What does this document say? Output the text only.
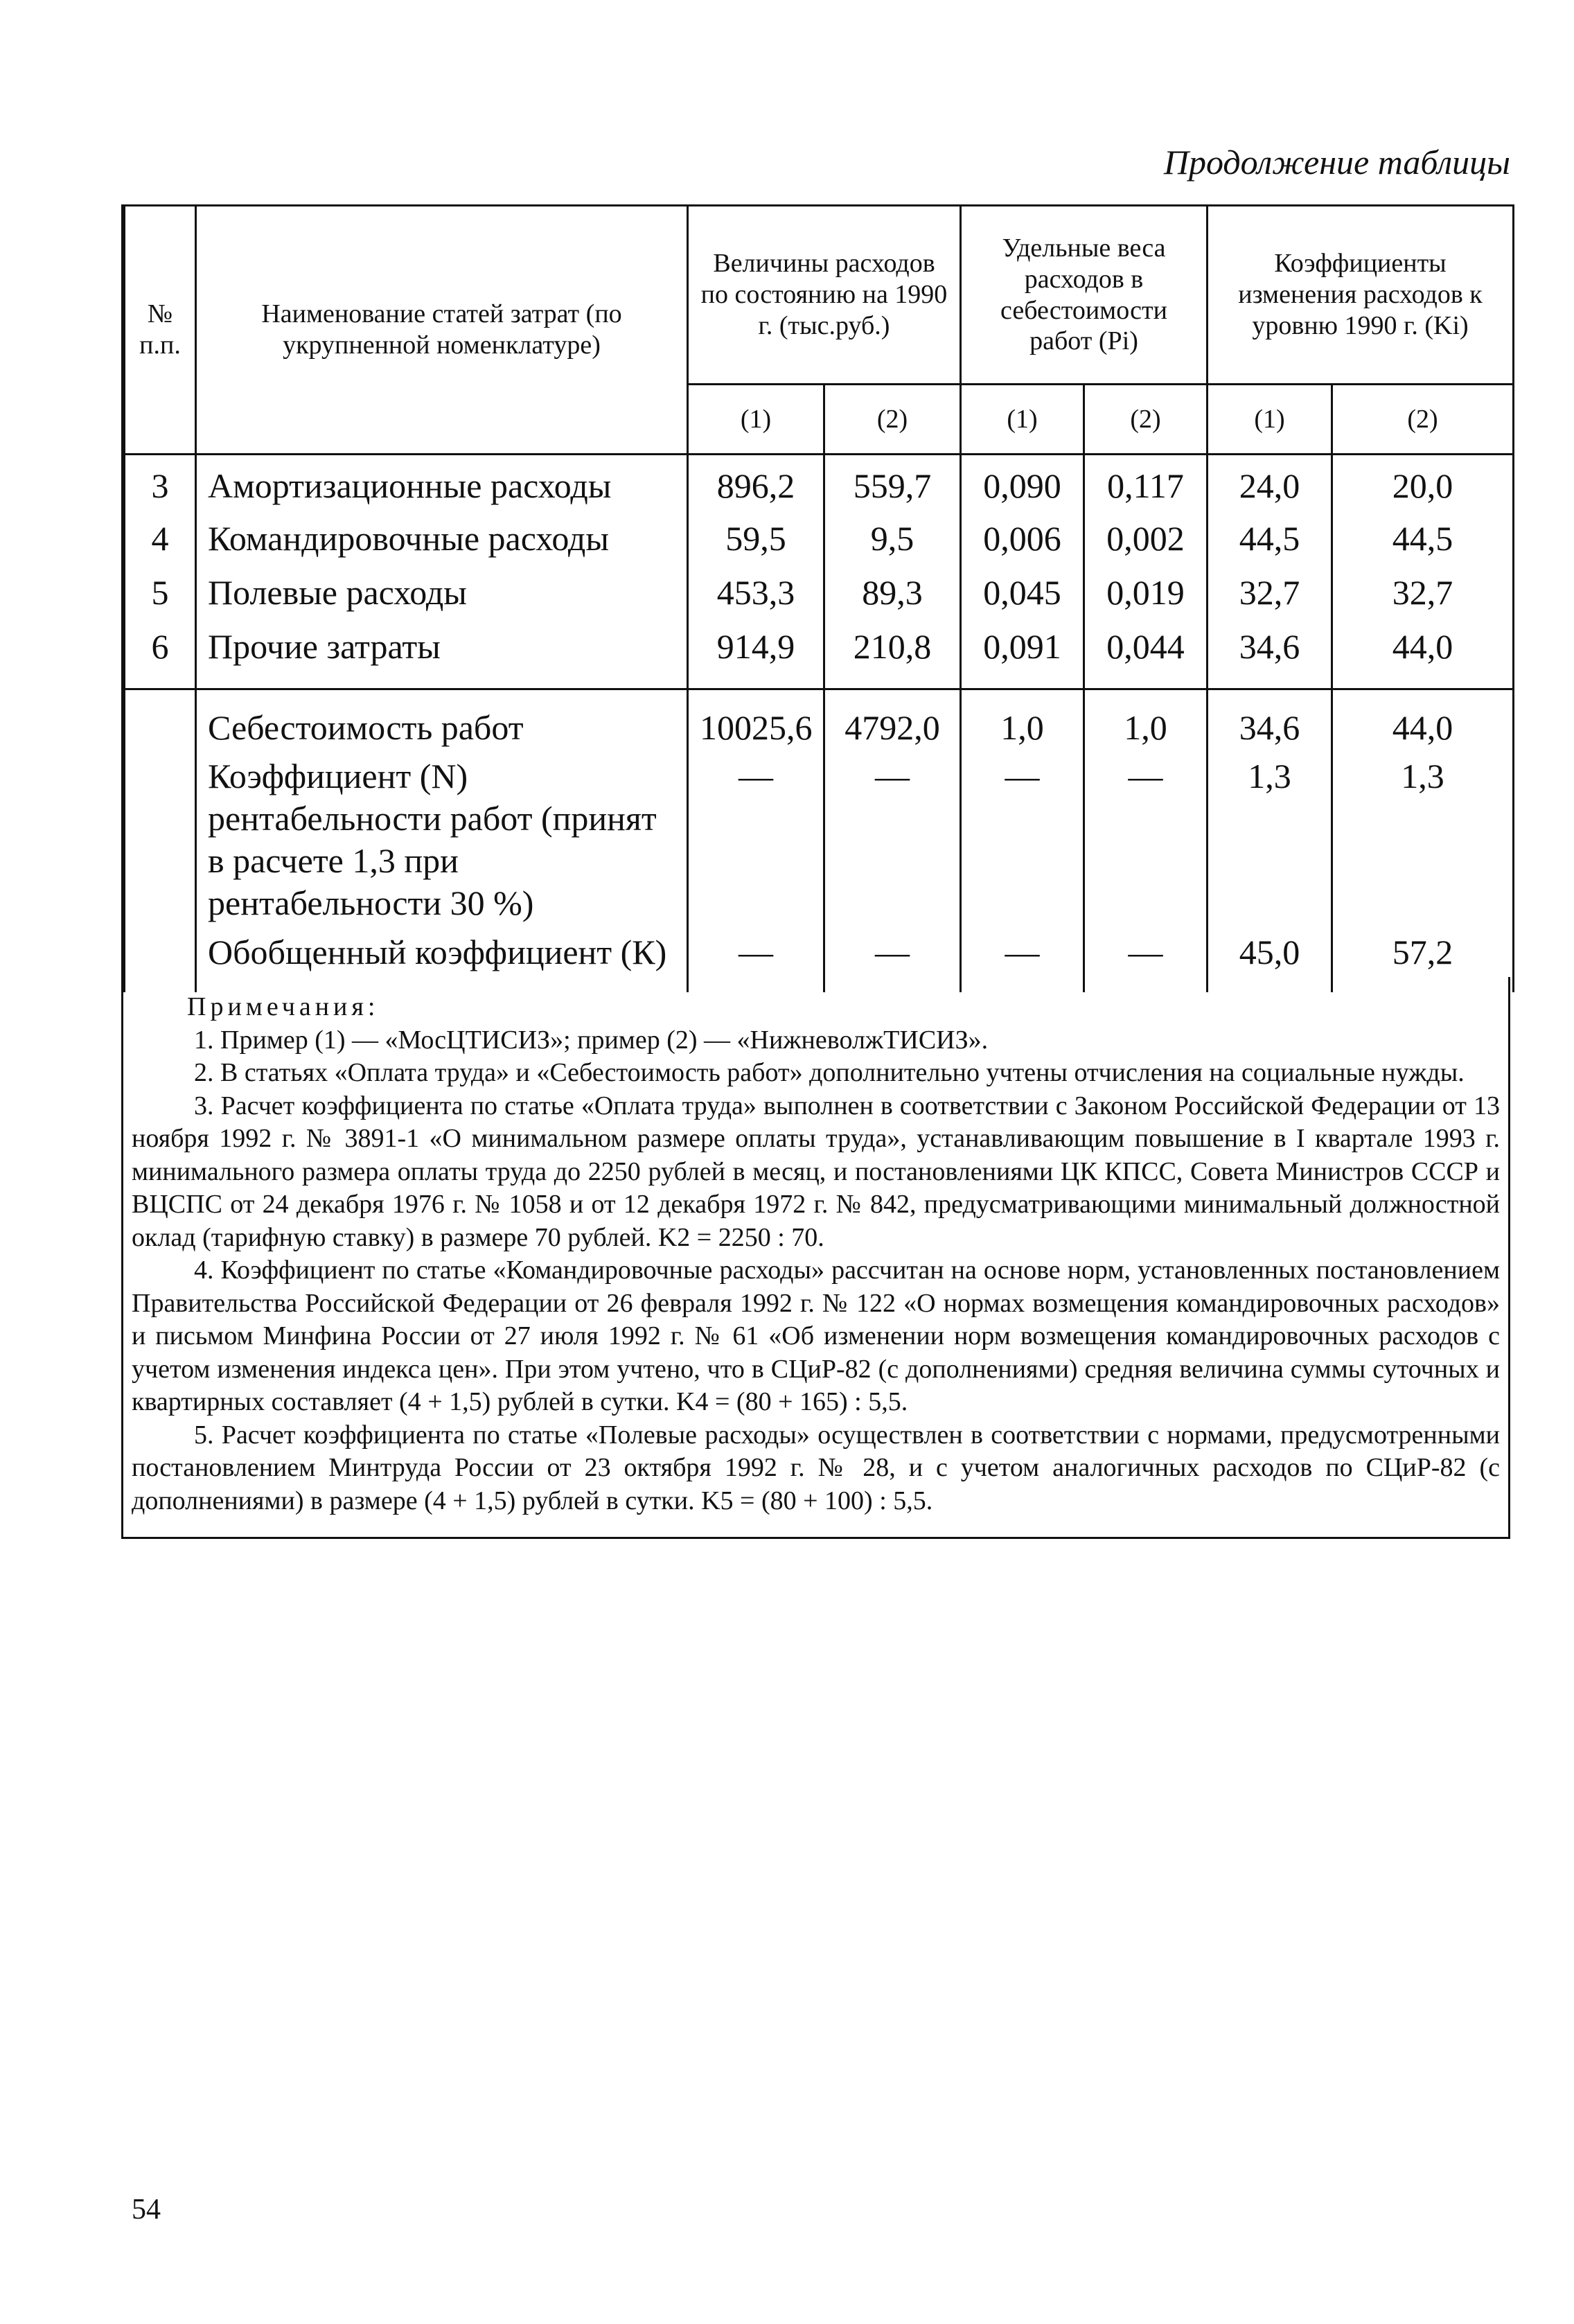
Продолжение таблицы
№ п.п.	Наименование статей затрат (по укрупненной номенклатуре)	Величины расходов по состоянию на 1990 г. (тыс.руб.)		Удельные веса расходов в себестоимости работ (Pi)		Коэффициенты изменения расходов к уровню 1990 г. (Ki)	
		(1)	(2)	(1)	(2)	(1)	(2)
3	Амортизационные расходы	896,2	559,7	0,090	0,117	24,0	20,0
4	Командировочные расходы	59,5	9,5	0,006	0,002	44,5	44,5
5	Полевые расходы	453,3	89,3	0,045	0,019	32,7	32,7
6	Прочие затраты	914,9	210,8	0,091	0,044	34,6	44,0
	Себестоимость работ	10025,6	4792,0	1,0	1,0	34,6	44,0
	Коэффициент (N) рентабельности работ (принят в расчете 1,3 при рентабельности 30 %)	—	—	—	—	1,3	1,3
	Обобщенный коэффициент (К)	—	—	—	—	45,0	57,2
Примечания:

1. Пример (1) — «МосЦТИСИЗ»; пример (2) — «НижневолжТИСИЗ».

2. В статьях «Оплата труда» и «Себестоимость работ» дополнительно учтены отчисления на социальные нужды.

3. Расчет коэффициента по статье «Оплата труда» выполнен в соответствии с Законом Российской Федерации от 13 ноября 1992 г. № 3891-1 «О минимальном размере оплаты труда», устанавливающим повышение в I квартале 1993 г. минимального размера оплаты труда до 2250 рублей в месяц, и постановлениями ЦК КПСС, Совета Министров СССР и ВЦСПС от 24 декабря 1976 г. № 1058 и от 12 декабря 1972 г. № 842, предусматривающими минимальный должностной оклад (тарифную ставку) в размере 70 рублей. K2 = 2250 : 70.

4. Коэффициент по статье «Командировочные расходы» рассчитан на основе норм, установленных постановлением Правительства Российской Федерации от 26 февраля 1992 г. № 122 «О нормах возмещения командировочных расходов» и письмом Минфина России от 27 июля 1992 г. № 61 «Об изменении норм возмещения командировочных расходов с учетом изменения индекса цен». При этом учтено, что в СЦиР-82 (с дополнениями) средняя величина суммы суточных и квартирных составляет (4 + 1,5) рублей в сутки. K4 = (80 + 165) : 5,5.

5. Расчет коэффициента по статье «Полевые расходы» осуществлен в соответствии с нормами, предусмотренными постановлением Минтруда России от 23 октября 1992 г. № 28, и с учетом аналогичных расходов по СЦиР-82 (с дополнениями) в размере (4 + 1,5) рублей в сутки. K5 = (80 + 100) : 5,5.

54
